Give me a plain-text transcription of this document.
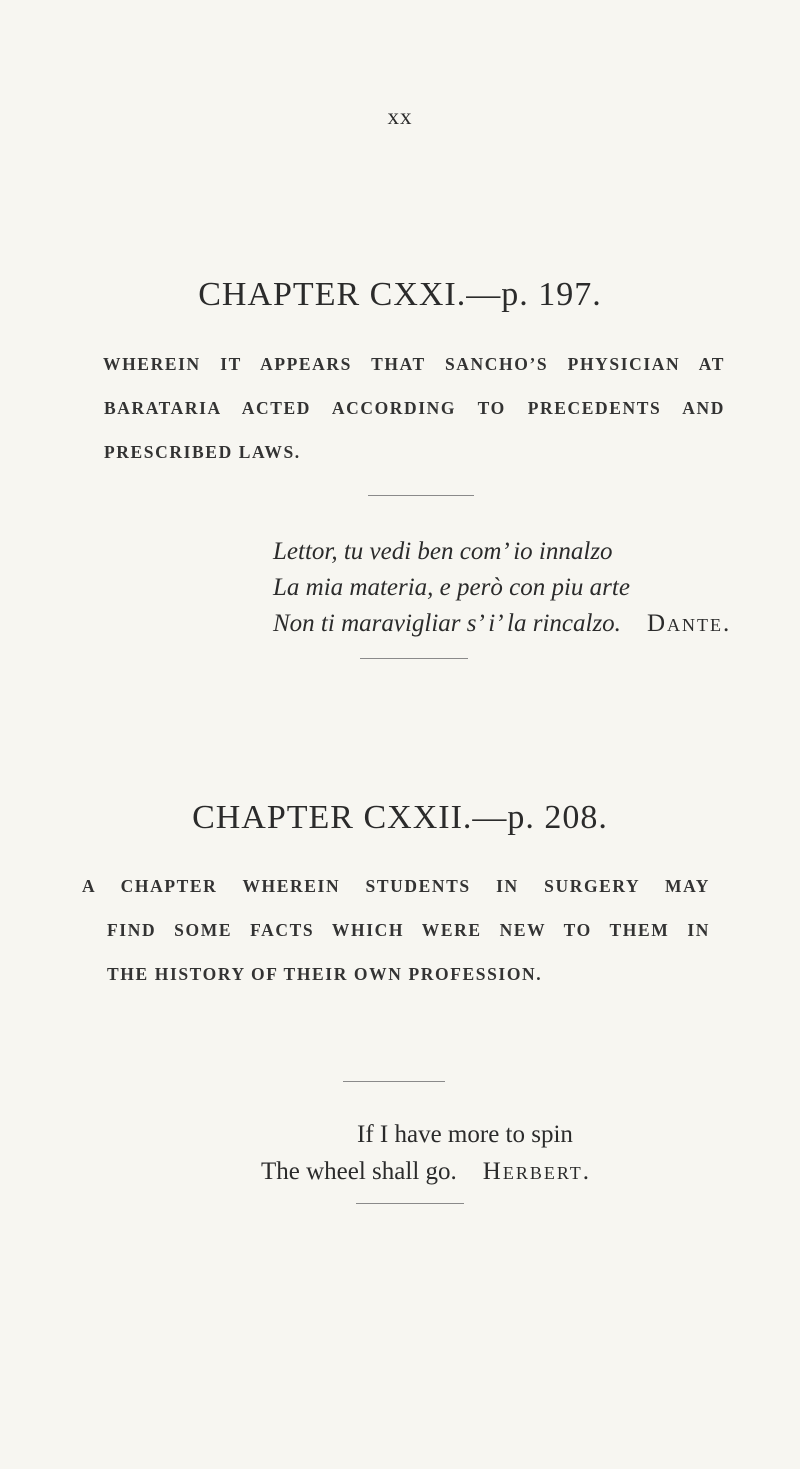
xx
CHAPTER CXXI.—p. 197.
WHEREIN IT APPEARS THAT SANCHO’S PHYSICIAN AT
BARATARIA ACTED ACCORDING TO PRECEDENTS AND
PRESCRIBED LAWS.
Lettor, tu vedi ben com’ io innalzo
La mia materia, e però con piu arte
Non ti maravigliar s’ i’ la rincalzo. Dante.
CHAPTER CXXII.—p. 208.
A CHAPTER WHEREIN STUDENTS IN SURGERY MAY
FIND SOME FACTS WHICH WERE NEW TO THEM IN
THE HISTORY OF THEIR OWN PROFESSION.
If I have more to spin
The wheel shall go. Herbert.
